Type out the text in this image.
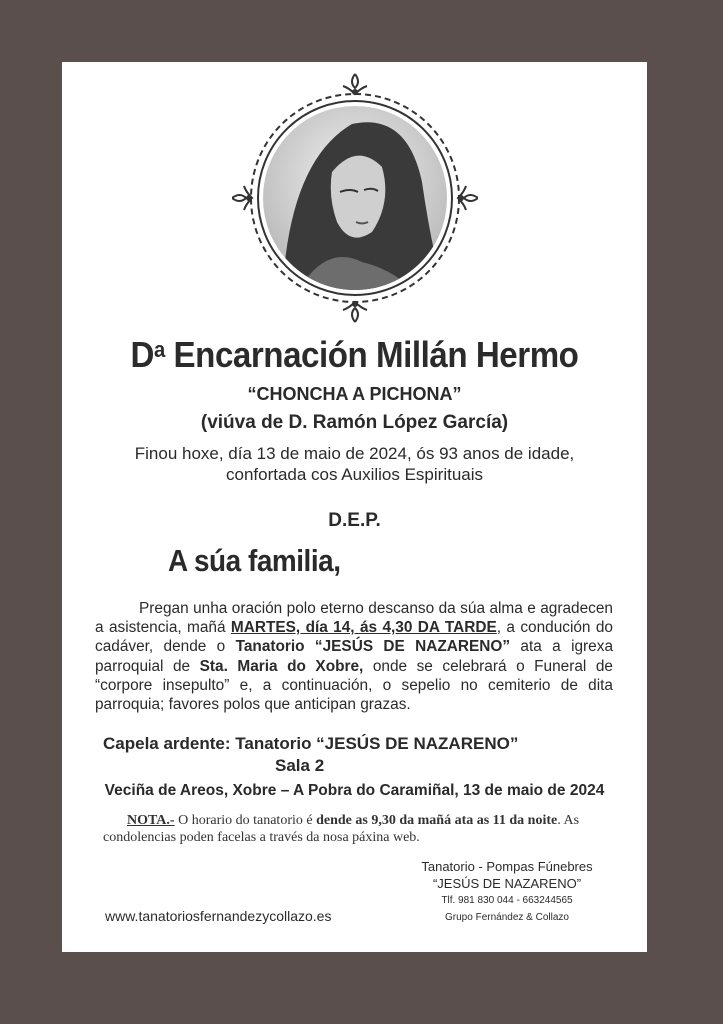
$D^a$ Encarnación Millán Hermo
“CHONCHA A PICHONA”
(viúva de D. Ramón López García)
Finou hoxe, día 13 de maio de 2024, ós 93 anos de idade,
confortada cos Auxilios Espirituais
D.E.P.
A súa familia,
Pregan unha oración polo eterno descanso da súa alma e agradecen a asistencia, mañá MARTES, día 14, ás 4,30 DA TARDE, a condución do cadáver, dende o Tanatorio “JESÚS DE NAZARENO” ata a igrexa parroquial de Sta. Maria do Xobre, onde se celebrará o Funeral de “corpore insepulto” e, a continuación, o sepelio no cemiterio de dita parroquia; favores polos que anticipan grazas.
Capela ardente: Tanatorio “JESÚS DE NAZARENO”
Sala 2
Veciña de Areos, Xobre – A Pobra do Caramiñal, 13 de maio de 2024
NOTA.- O horario do tanatorio é dende as 9,30 da mañá ata as 11 da noite. As condolencias poden facelas a través da nosa páxina web.
Tanatorio - Pompas Fúnebres
“JESÚS DE NAZARENO”
Tlf. 981 830 044 - 663244565
Grupo Fernández & Collazo
www.tanatoriosfernandezycollazo.es
